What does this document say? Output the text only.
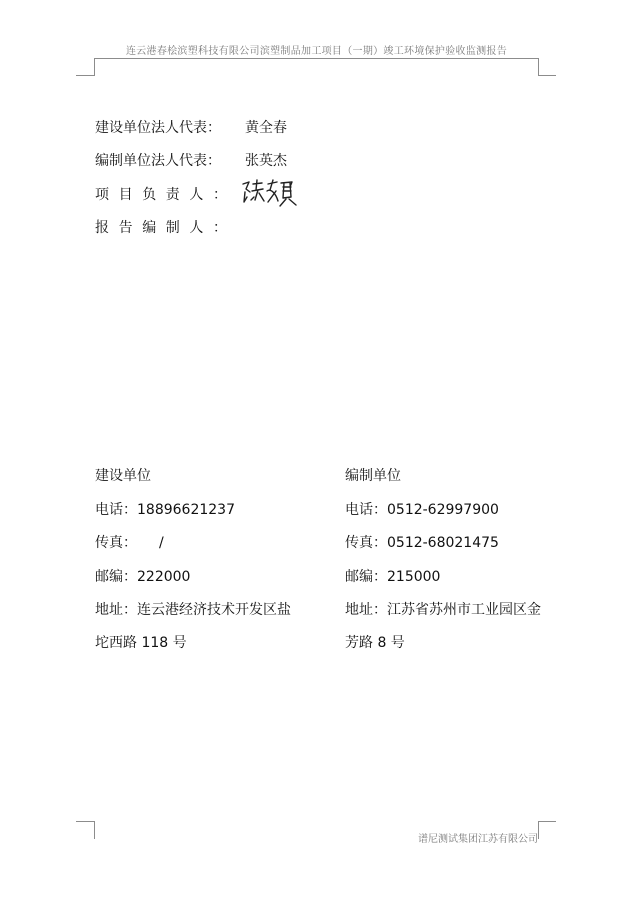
连云港春桧滨塑科技有限公司滨塑制品加工项目（一期）竣工环境保护验收监测报告
建设单位法人代表： 黄全春
编制单位法人代表： 张英杰
项目负责人：
报告编制人：
建设单位
电话：18896621237
传真： /
邮编：222000
地址：连云港经济技术开发区盐
坨西路 118 号
编制单位
电话：0512-62997900
传真：0512-68021475
邮编：215000
地址：江苏省苏州市工业园区金
芳路 8 号
谱尼测试集团江苏有限公司
